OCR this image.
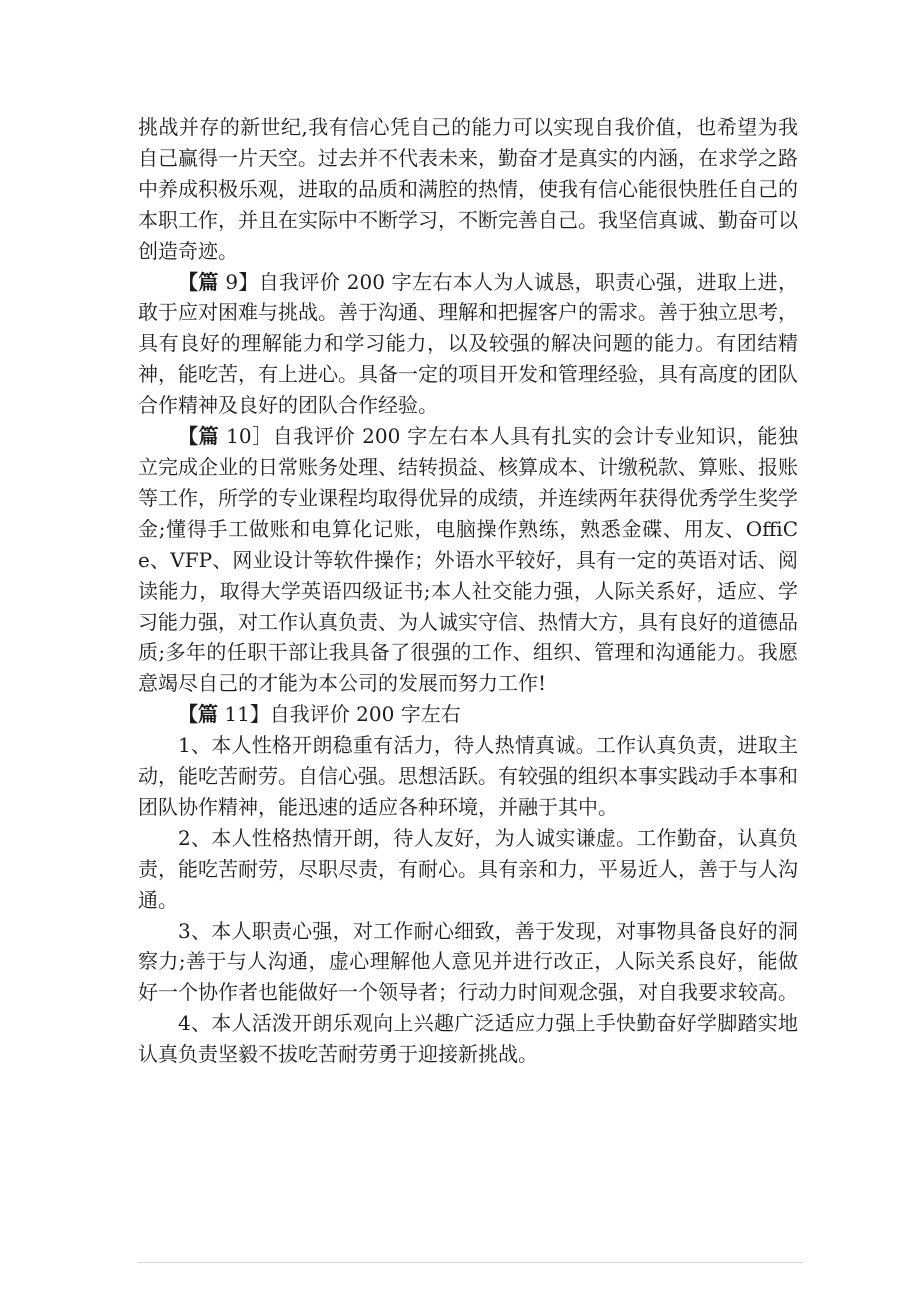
挑战并存的新世纪,我有信心凭自己的能力可以实现自我价值，也希望为我自己赢得一片天空。过去并不代表未来，勤奋才是真实的内涵，在求学之路中养成积极乐观，进取的品质和满腔的热情，使我有信心能很快胜任自己的本职工作，并且在实际中不断学习，不断完善自己。我坚信真诚、勤奋可以创造奇迹。

【篇 9】自我评价 200 字左右本人为人诚恳，职责心强，进取上进，敢于应对困难与挑战。善于沟通、理解和把握客户的需求。善于独立思考，具有良好的理解能力和学习能力，以及较强的解决问题的能力。有团结精神，能吃苦，有上进心。具备一定的项目开发和管理经验，具有高度的团队合作精神及良好的团队合作经验。

【篇 10］自我评价 200 字左右本人具有扎实的会计专业知识，能独立完成企业的日常账务处理、结转损益、核算成本、计缴税款、算账、报账等工作，所学的专业课程均取得优异的成绩，并连续两年获得优秀学生奖学金;懂得手工做账和电算化记账，电脑操作熟练，熟悉金碟、用友、OffiCe、VFP、网业设计等软件操作；外语水平较好，具有一定的英语对话、阅读能力，取得大学英语四级证书;本人社交能力强，人际关系好，适应、学习能力强，对工作认真负责、为人诚实守信、热情大方，具有良好的道德品质;多年的任职干部让我具备了很强的工作、组织、管理和沟通能力。我愿意竭尽自己的才能为本公司的发展而努力工作!

【篇 11】自我评价 200 字左右

1、本人性格开朗稳重有活力，待人热情真诚。工作认真负责，进取主动，能吃苦耐劳。自信心强。思想活跃。有较强的组织本事实践动手本事和团队协作精神，能迅速的适应各种环境，并融于其中。

2、本人性格热情开朗，待人友好，为人诚实谦虚。工作勤奋，认真负责，能吃苦耐劳，尽职尽责，有耐心。具有亲和力，平易近人，善于与人沟通。

3、本人职责心强，对工作耐心细致，善于发现，对事物具备良好的洞察力;善于与人沟通，虚心理解他人意见并进行改正，人际关系良好，能做好一个协作者也能做好一个领导者；行动力时间观念强，对自我要求较高。

4、本人活泼开朗乐观向上兴趣广泛适应力强上手快勤奋好学脚踏实地认真负责坚毅不拔吃苦耐劳勇于迎接新挑战。
